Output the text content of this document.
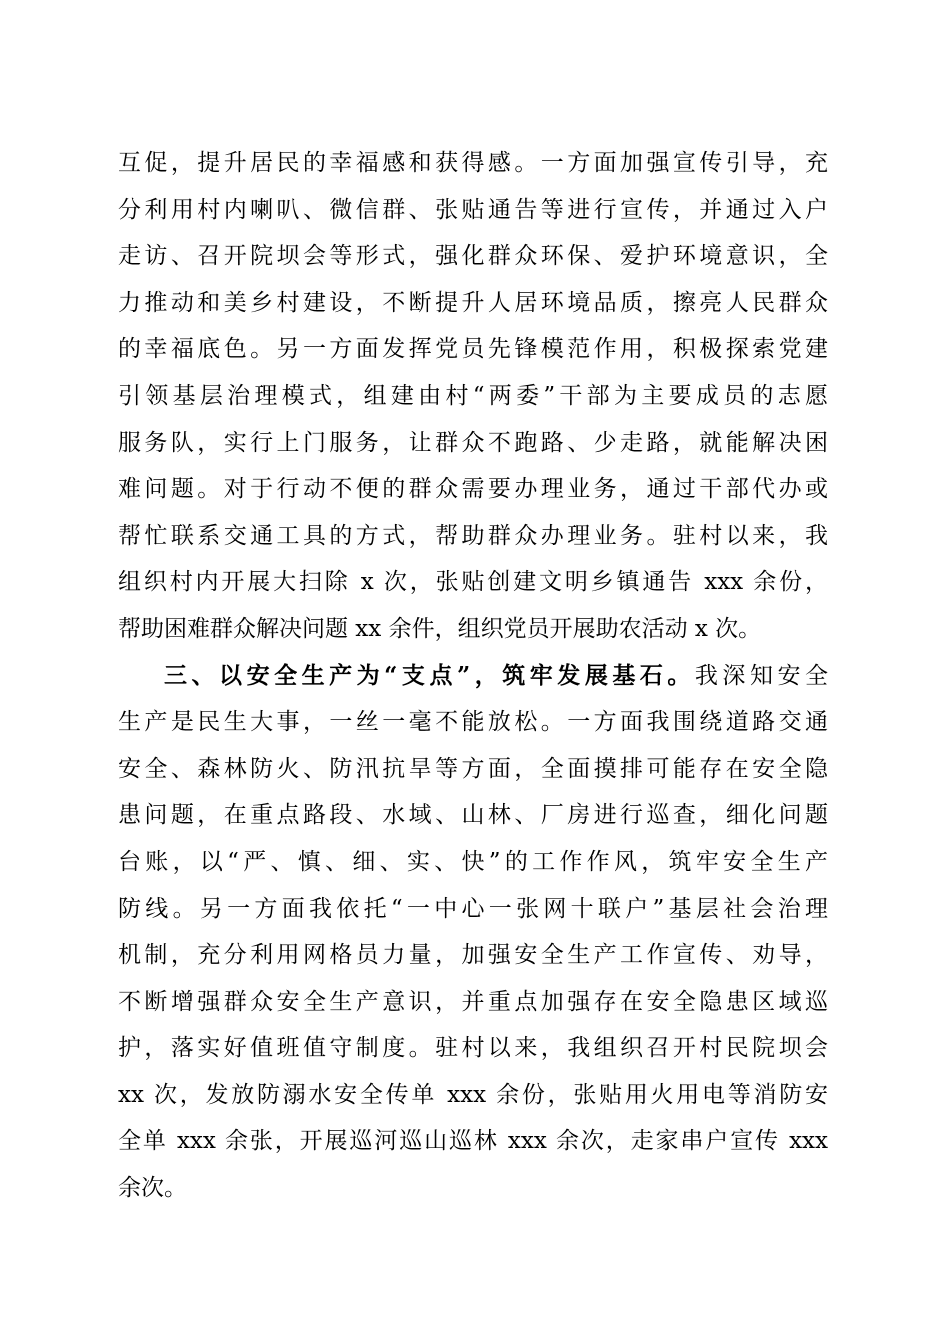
互促，提升居民的幸福感和获得感。一方面加强宣传引导，充
分利用村内喇叭、微信群、张贴通告等进行宣传，并通过入户
走访、召开院坝会等形式，强化群众环保、爱护环境意识，全
力推动和美乡村建设，不断提升人居环境品质，擦亮人民群众
的幸福底色。另一方面发挥党员先锋模范作用，积极探索党建
引领基层治理模式，组建由村“两委”干部为主要成员的志愿
服务队，实行上门服务，让群众不跑路、少走路，就能解决困
难问题。对于行动不便的群众需要办理业务，通过干部代办或
帮忙联系交通工具的方式，帮助群众办理业务。驻村以来，我
组织村内开展大扫除 x 次，张贴创建文明乡镇通告 xxx 余份，
帮助困难群众解决问题 xx 余件，组织党员开展助农活动 x 次。
三、以安全生产为“支点”，筑牢发展基石。我深知安全
生产是民生大事，一丝一毫不能放松。一方面我围绕道路交通
安全、森林防火、防汛抗旱等方面，全面摸排可能存在安全隐
患问题，在重点路段、水域、山林、厂房进行巡查，细化问题
台账，以“严、慎、细、实、快”的工作作风，筑牢安全生产
防线。另一方面我依托“一中心一张网十联户”基层社会治理
机制，充分利用网格员力量，加强安全生产工作宣传、劝导，
不断增强群众安全生产意识，并重点加强存在安全隐患区域巡
护，落实好值班值守制度。驻村以来，我组织召开村民院坝会
xx 次，发放防溺水安全传单 xxx 余份，张贴用火用电等消防安
全单 xxx 余张，开展巡河巡山巡林 xxx 余次，走家串户宣传 xxx
余次。
